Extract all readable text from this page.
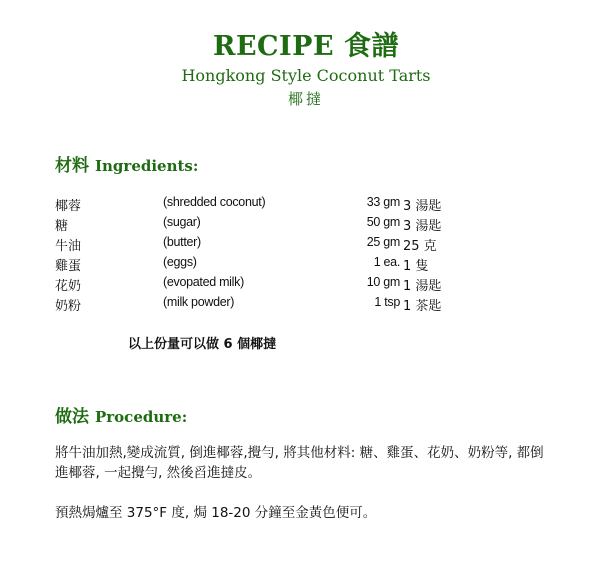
RECIPE 食譜
Hongkong Style Coconut Tarts
椰撻
材料 Ingredients:
椰蓉	(shredded coconut)	33 gm 3 湯匙
糖	(sugar)	50 gm 3 湯匙
牛油	(butter)	25 gm 25 克
雞蛋	(eggs)	1 ea. 1 隻
花奶	(evopated milk)	10 gm 1 湯匙
奶粉	(milk powder)	1 tsp 1 茶匙
以上份量可以做 6 個椰撻
做法 Procedure:
將牛油加熱,變成流質, 倒進椰蓉,攪勻, 將其他材料: 糖、雞蛋、花奶、奶粉等, 都倒進椰蓉, 一起攪勻, 然後舀進撻皮。
預熱焗爐至 375°F 度, 焗 18-20 分鐘至金黃色便可。
